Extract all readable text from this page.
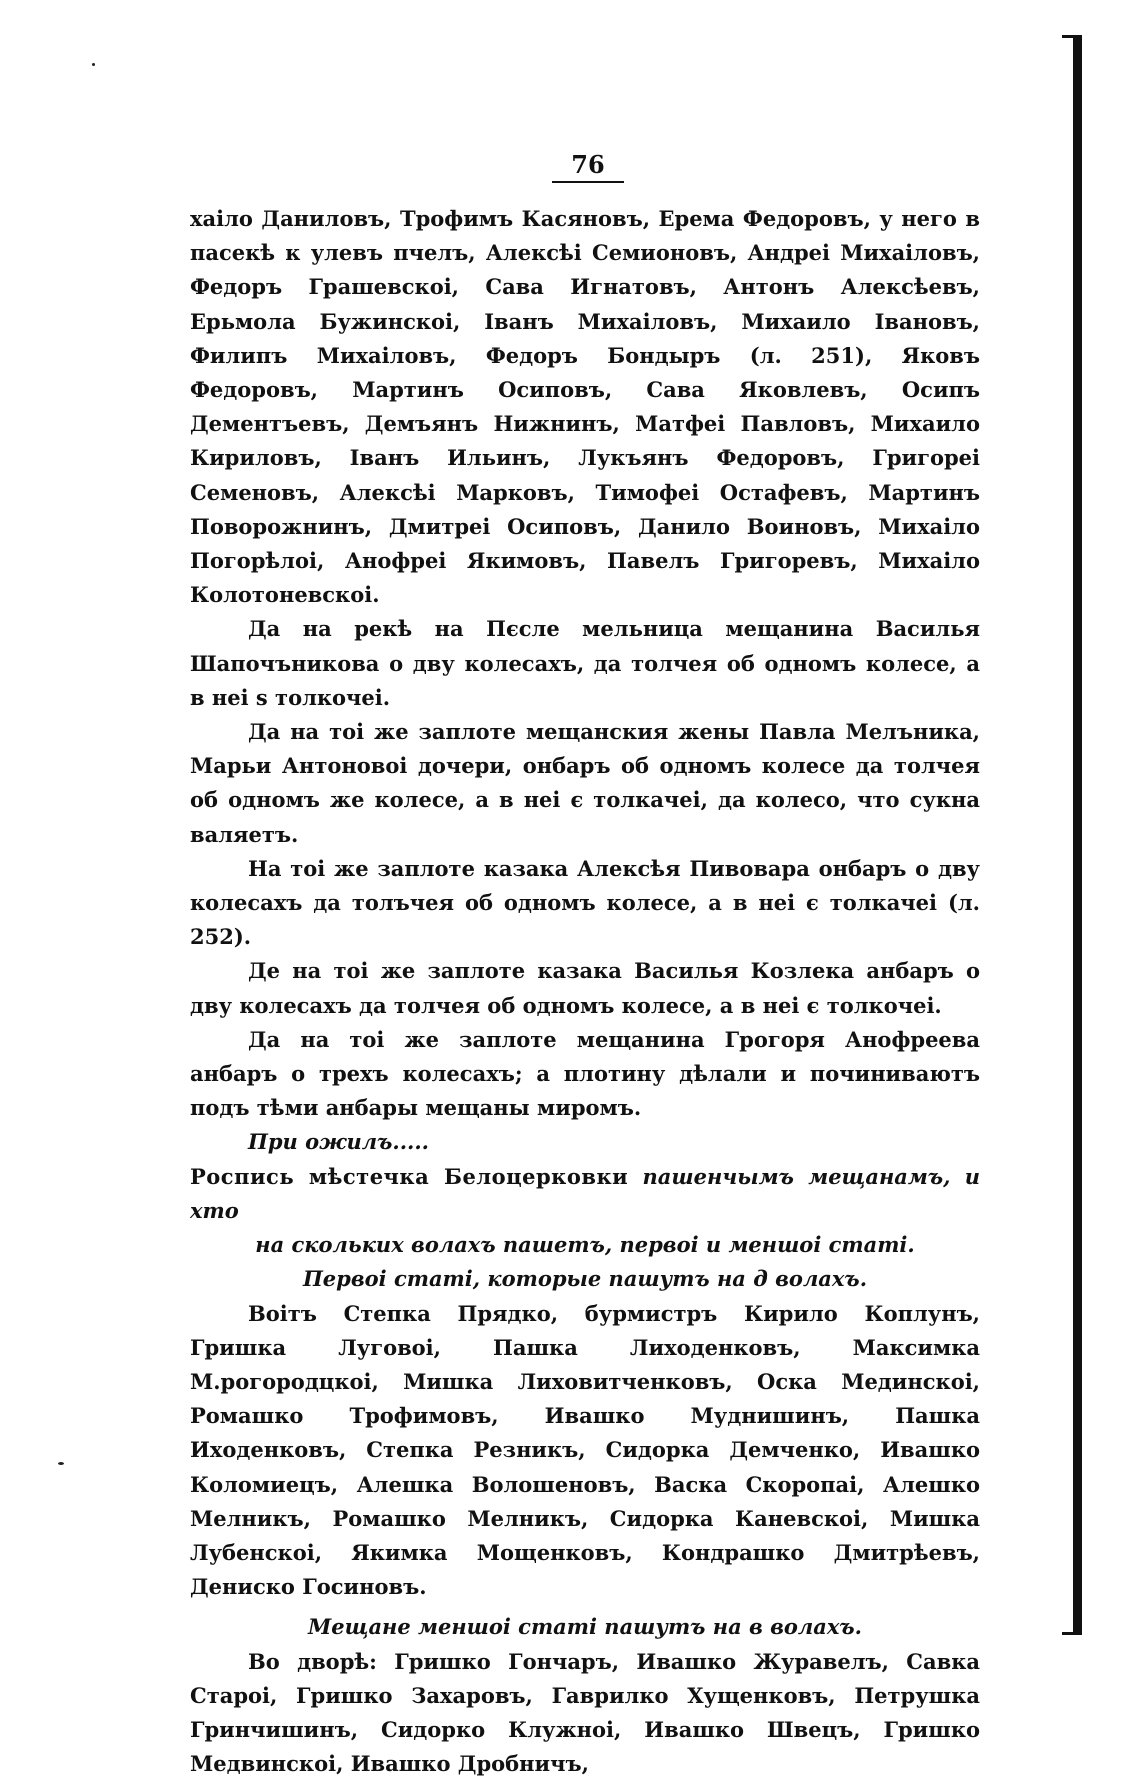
76

хаіло Даниловъ, Трофимъ Касяновъ, Ерема Федоровъ, у него в пасекѣ к улевъ пчелъ, Алексѣі Семионовъ, Андреі Михаіловъ, Федоръ Грашевскоі, Сава Игнатовъ, Антонъ Алексѣевъ, Ерьмола Бужинскоі, Іванъ Михаіловъ, Михаило Івановъ, Филипъ Михаіловъ, Федоръ Бондыръ (л. 251), Яковъ Федоровъ, Мартинъ Осиповъ, Сава Яковлевъ, Осипъ Дементъевъ, Демъянъ Нижнинъ, Матфеі Павловъ, Михаило Кириловъ, Іванъ Ильинъ, Лукъянъ Федоровъ, Григореі Семеновъ, Алексѣі Марковъ, Тимофеі Остафевъ, Мартинъ Поворожнинъ, Дмитреі Осиповъ, Данило Воиновъ, Михаіло Погорѣлоі, Анофреі Якимовъ, Павелъ Григоревъ, Михаіло Колотоневскоі.

Да на рекѣ на Пєсле мельница мещанина Василья Шапочъникова о дву колесахъ, да толчея об одномъ колесе, а в неі ѕ толкочеі.

Да на тоі же заплоте мещанския жены Павла Мелъника, Марьи Антоновоі дочери, онбаръ об одномъ колесе да толчея об одномъ же колесе, а в неі є толкачеі, да колесо, что сукна валяетъ.

На тоі же заплоте казака Алексѣя Пивовара онбаръ о дву колесахъ да толъчея об одномъ колесе, а в неі є толкачеі (л. 252).

Де на тоі же заплоте казака Василья Козлека анбаръ о дву колесахъ да толчея об одномъ колесе, а в неі є толкочеі.

Да на тоі же заплоте мещанина Грогоря Анофреева анбаръ о трехъ колесахъ; а плотину дѣлали и починиваютъ подъ тѣми анбары мещаны миромъ.

При ожилъ.....

Роспись мѣстечка Белоцерковки пашенчымъ мещанамъ, и хто

на скольких волахъ пашетъ, первоі и меншоі статі.

Первоі статі, которые пашутъ на д волахъ.

Воітъ Степка Прядко, бурмистръ Кирило Коплунъ, Гришка Луговоі, Пашка Лиходенковъ, Максимка М.рогородцкоі, Мишка Лиховитченковъ, Оска Мединскоі, Ромашко Трофимовъ, Ивашко Муднишинъ, Пашка Иходенковъ, Степка Резникъ, Сидорка Демченко, Ивашко Коломиецъ, Алешка Волошеновъ, Васка Скоропаі, Алешко Мелникъ, Ромашко Мелникъ, Сидорка Каневскоі, Мишка Лубенскоі, Якимка Мощенковъ, Кондрашко Дмитрѣевъ, Дениско Госиновъ.

Мещане меншоі статі пашутъ на в волахъ.

Во дворѣ: Гришко Гончаръ, Ивашко Журавелъ, Савка Староі, Гришко Захаровъ, Гаврилко Хущенковъ, Петрушка Гринчишинъ, Сидорко Клужноі, Ивашко Швецъ, Гришко Медвинскоі, Ивашко Дробничъ,
